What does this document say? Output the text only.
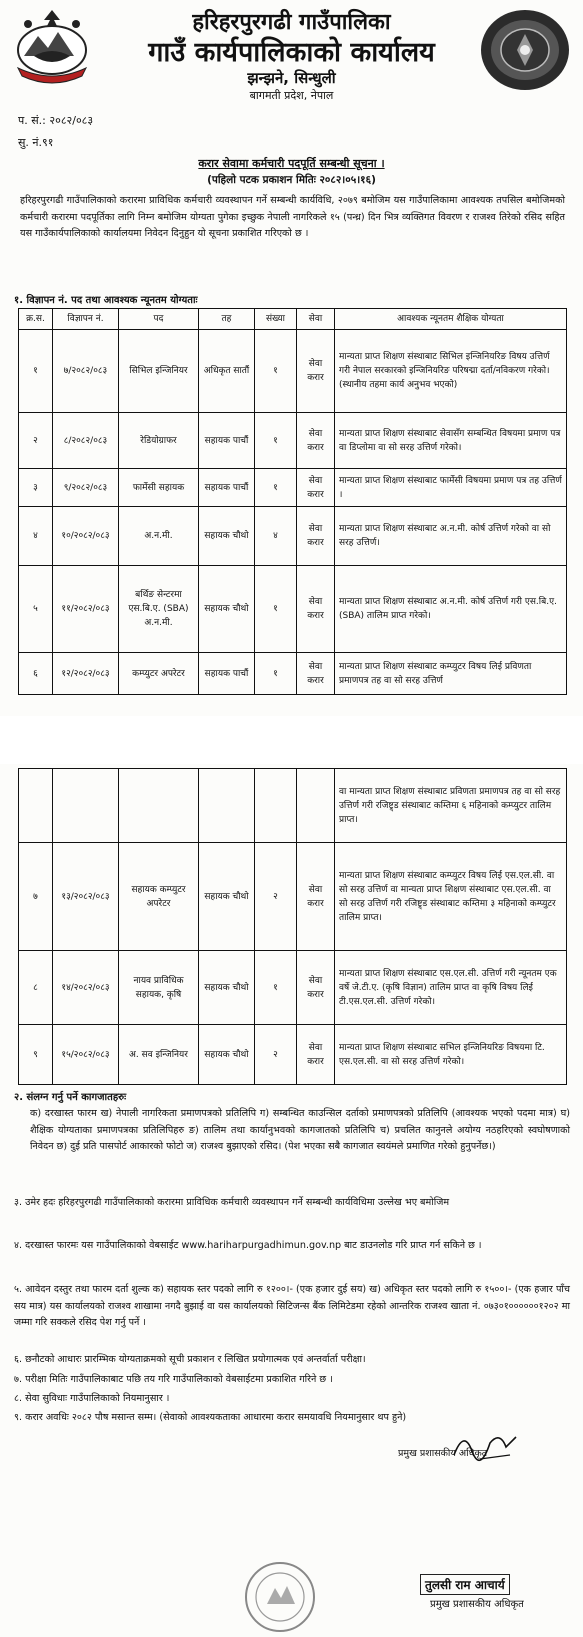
हरिहरपुरगढी गाउँपालिका
गाउँ कार्यपालिकाको कार्यालय
झन्झने, सिन्धुली
बागमती प्रदेश, नेपाल
प. सं.: २०८२/०८३
सु. नं.९१
करार सेवामा कर्मचारी पदपूर्ति सम्बन्धी सूचना ।
(पहिलो पटक प्रकाशन मितिः २०८२।०५।१६)
हरिहरपुरगढी गाउँपालिकाको करारमा प्राविधिक कर्मचारी व्यवस्थापन गर्ने सम्बन्धी कार्यविधि, २०७९ बमोजिम यस गाउँपालिकामा आवश्यक तपसिल बमोजिमको कर्मचारी करारमा पदपूर्तिका लागि निम्न बमोजिम योग्यता पुगेका इच्छुक नेपाली नागरिकले १५ (पन्ध्र) दिन भित्र व्यक्तिगत विवरण र राजश्व तिरेको रसिद सहित यस गाउँकार्यपालिकाको कार्यालयमा निवेदन दिनुहुन यो सूचना प्रकाशित गरिएको छ ।
१. विज्ञापन नं. पद तथा आवश्यक न्यूनतम योग्यताः
क्र.स.	विज्ञापन नं.	पद	तह	संख्या	सेवा	आवश्यक न्यूनतम शैक्षिक योग्यता
१	७/२०८२/०८३	सिभिल इन्जिनियर	अधिकृत सातौं	१	सेवा करार	मान्यता प्राप्त शिक्षण संस्थाबाट सिभिल इन्जिनियरिङ विषय उत्तिर्ण गरी नेपाल सरकारको इन्जिनियरिङ परिषद्मा दर्ता/नविकरण गरेको। (स्थानीय तहमा कार्य अनुभव भएको)
२	८/२०८२/०८३	रेडियोग्राफर	सहायक पाचौं	१	सेवा करार	मान्यता प्राप्त शिक्षण संस्थाबाट सेवासँग सम्बन्धित विषयमा प्रमाण पत्र वा डिप्लोमा वा सो सरह उत्तिर्ण गरेको।
३	९/२०८२/०८३	फार्मेसी सहायक	सहायक पाचौं	१	सेवा करार	मान्यता प्राप्त शिक्षण संस्थाबाट फार्मेसी विषयमा प्रमाण पत्र तह उत्तिर्ण ।
४	१०/२०८२/०८३	अ.न.मी.	सहायक चौथो	४	सेवा करार	मान्यता प्राप्त शिक्षण संस्थाबाट अ.न.मी. कोर्ष उत्तिर्ण गरेको वा सो सरह उत्तिर्ण।
५	११/२०८२/०८३	बर्थिङ सेन्टरमा एस.बि.ए. (SBA) अ.न.मी.	सहायक चौथो	१	सेवा करार	मान्यता प्राप्त शिक्षण संस्थाबाट अ.न.मी. कोर्ष उत्तिर्ण गरी एस.बि.ए. (SBA) तालिम प्राप्त गरेको।
६	१२/२०८२/०८३	कम्प्युटर अपरेटर	सहायक पाचौं	१	सेवा करार	मान्यता प्राप्त शिक्षण संस्थाबाट कम्प्युटर विषय लिई प्रविणता प्रमाणपत्र तह वा सो सरह उत्तिर्ण
						वा मान्यता प्राप्त शिक्षण संस्थाबाट प्रविणता प्रमाणपत्र तह वा सो सरह उत्तिर्ण गरी रजिष्ट्र्ड संस्थाबाट कम्तिमा ६ महिनाको कम्प्युटर तालिम प्राप्त।
७	१३/२०८२/०८३	सहायक कम्प्युटर अपरेटर	सहायक चौथो	२	सेवा करार	मान्यता प्राप्त शिक्षण संस्थाबाट कम्प्युटर विषय लिई एस.एल.सी. वा सो सरह उत्तिर्ण वा मान्यता प्राप्त शिक्षण संस्थाबाट एस.एल.सी. वा सो सरह उत्तिर्ण गरी रजिष्ट्र्ड संस्थाबाट कम्तिमा ३ महिनाको कम्प्युटर तालिम प्राप्त।
८	१४/२०८२/०८३	नायव प्राविधिक सहायक, कृषि	सहायक चौथो	१	सेवा करार	मान्यता प्राप्त शिक्षण संस्थाबाट एस.एल.सी. उत्तिर्ण गरी न्यूनतम एक वर्षे जे.टी.ए. (कृषि विज्ञान) तालिम प्राप्त वा कृषि विषय लिई टी.एस.एल.सी. उत्तिर्ण गरेको।
९	१५/२०८२/०८३	अ. सव इन्जिनियर	सहायक चौथो	२	सेवा करार	मान्यता प्राप्त शिक्षण संस्थाबाट सभिल इन्जिनियरिङ विषयमा टि. एस.एल.सी. वा सो सरह उत्तिर्ण गरेको।
२. संलग्न गर्नु पर्ने कागजातहरुः
क) दरखास्त फारम ख) नेपाली नागरिकता प्रमाणपत्रको प्रतिलिपि ग) सम्बन्धित काउन्सिल दर्ताको प्रमाणपत्रको प्रतिलिपि (आवश्यक भएको पदमा मात्र) घ) शैक्षिक योग्यताका प्रमाणपत्रका प्रतिलिपिहरु ङ) तालिम तथा कार्यानुभवको कागजातको प्रतिलिपि च) प्रचलित कानुनले अयोग्य नठहरिएको स्वघोषणाको निवेदन छ) दुई प्रति पासपोर्ट आकारको फोटो ज) राजश्व बुझाएको रसिद। (पेश भएका सबै कागजात स्वयंमले प्रमाणित गरेको हुनुपर्नेछ।)
३. उमेर हदः हरिहरपुरगढी गाउँपालिकाको करारमा प्राविधिक कर्मचारी व्यवस्थापन गर्ने सम्बन्धी कार्यविधिमा उल्लेख भए बमोजिम
४. दरखास्त फारमः यस गाउँपालिकाको वेबसाईट www.hariharpurgadhimun.gov.np बाट डाउनलोड गरि प्राप्त गर्न सकिने छ ।
५. आवेदन दस्तुर तथा फारम दर्ता शुल्क क) सहायक स्तर पदको लागि रु १२००।- (एक हजार दुई सय) ख) अधिकृत स्तर पदको लागि रु १५००।- (एक हजार पाँच सय मात्र) यस कार्यालयको राजश्व शाखामा नगदै बुझाई वा यस कार्यालयको सिटिजन्स बैंक लिमिटेडमा रहेको आन्तरिक राजश्व खाता नं. ०७३०१००००००१२०२ मा जम्मा गरि सक्कले रसिद पेश गर्नु पर्ने ।
६. छनौटको आधारः प्रारम्भिक योग्यताक्रमको सूची प्रकाशन र लिखित प्रयोगात्मक एवं अन्तर्वार्ता परीक्षा।
७. परीक्षा मितिः गाउँपालिकाबाट पछि तय गरि गाउँपालिकाको वेबसाईटमा प्रकाशित गरिने छ ।
८. सेवा सुविधाः गाउँपालिकाको नियमानुसार ।
९. करार अवधिः २०८२ पौष मसान्त सम्म। (सेवाको आवश्यकताका आधारमा करार समयावधि नियमानुसार थप हुने)
प्रमुख प्रशासकीय अधिकृत
तुलसी राम आचार्य
प्रमुख प्रशासकीय अधिकृत
